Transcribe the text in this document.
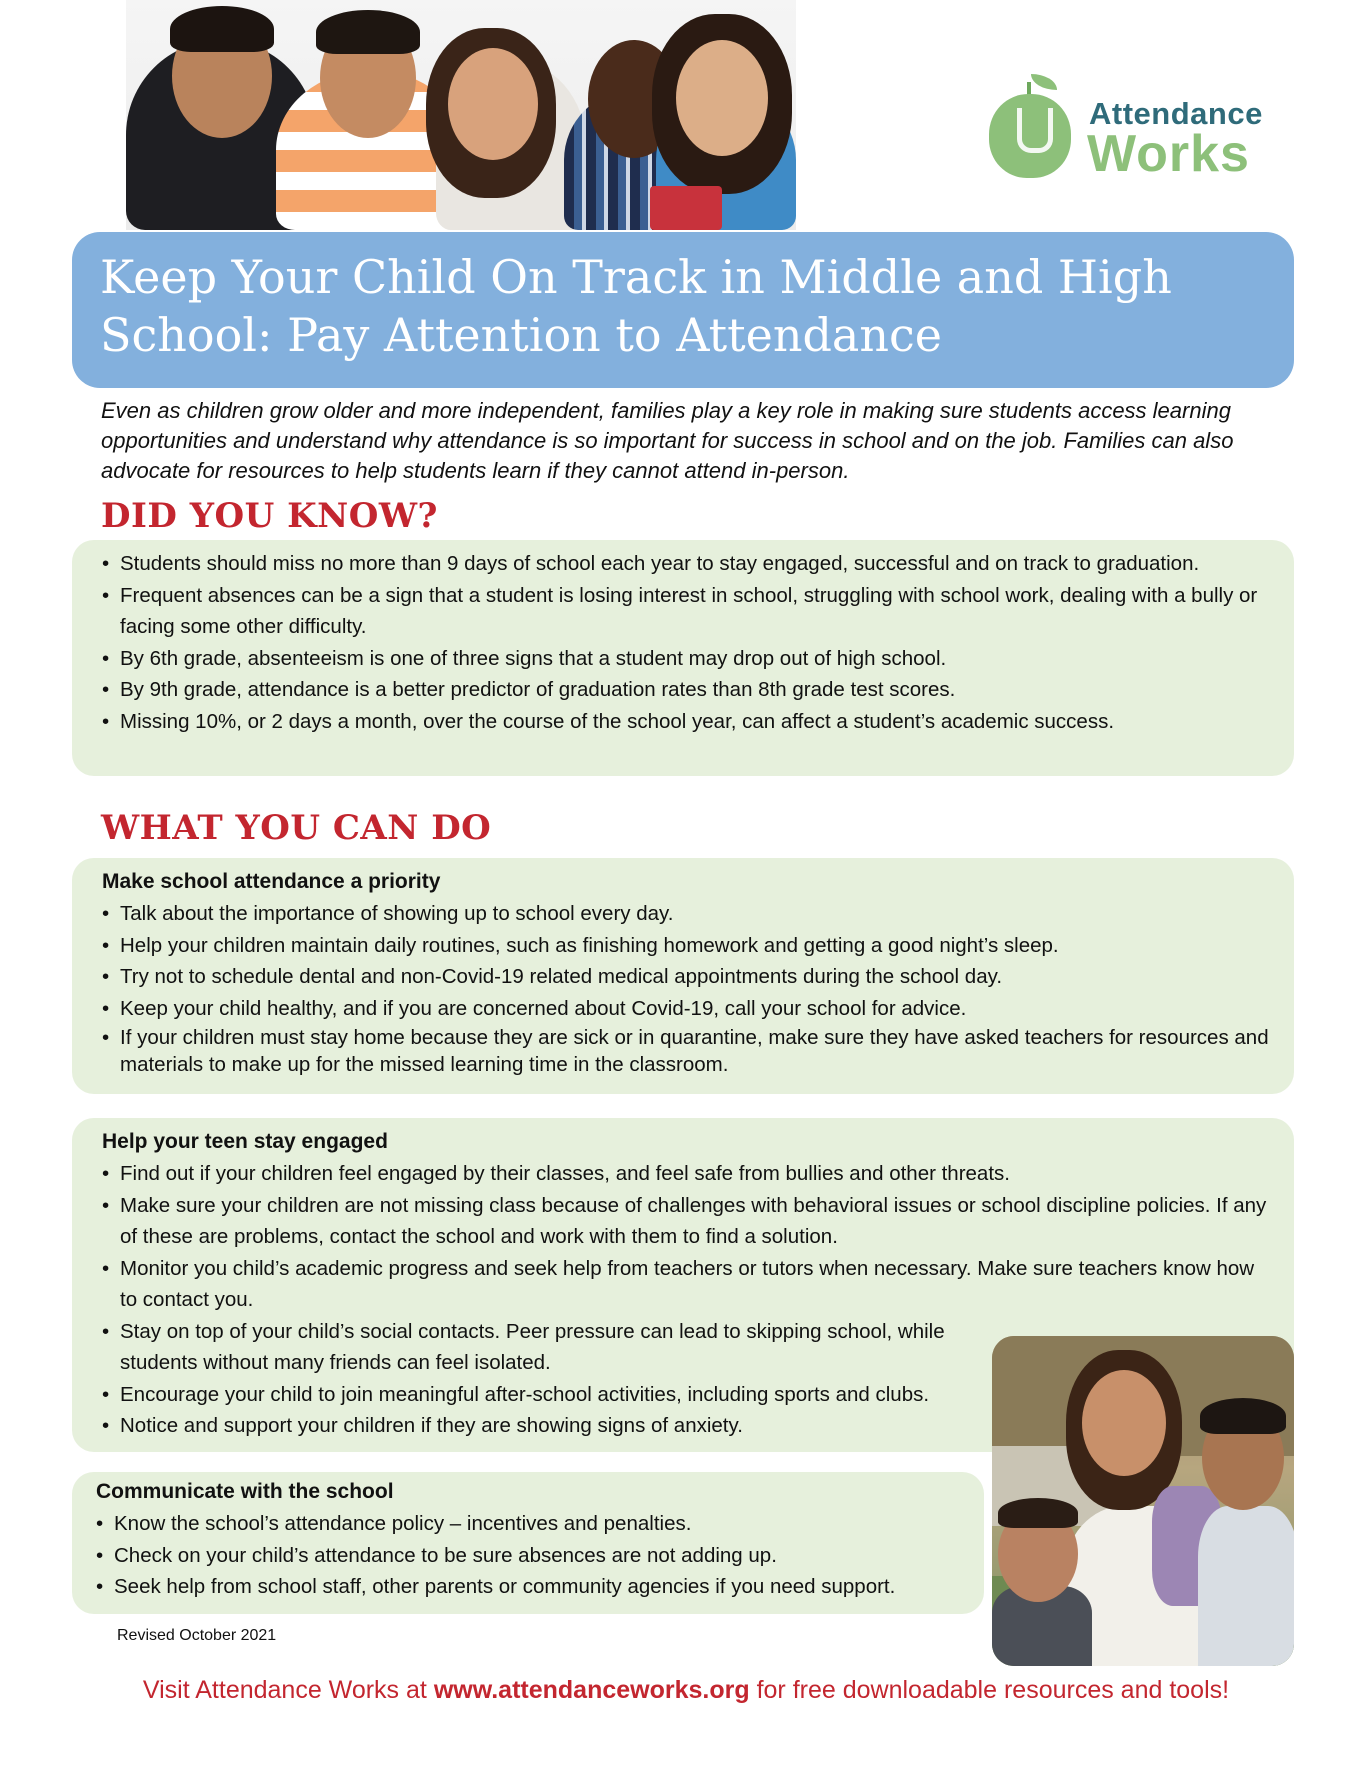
Attendance
Works
Keep Your Child On Track in Middle and High School: Pay Attention to Attendance
Even as children grow older and more independent, families play a key role in making sure students access learning opportunities and understand why attendance is so important for success in school and on the job. Families can also advocate for resources to help students learn if they cannot attend in-person.
DID YOU KNOW?
• Students should miss no more than 9 days of school each year to stay engaged, successful and on track to graduation.
• Frequent absences can be a sign that a student is losing interest in school, struggling with school work, dealing with a bully or facing some other difficulty.
• By 6th grade, absenteeism is one of three signs that a student may drop out of high school.
• By 9th grade, attendance is a better predictor of graduation rates than 8th grade test scores.
• Missing 10%, or 2 days a month, over the course of the school year, can affect a student’s academic success.
WHAT YOU CAN DO
Make school attendance a priority
• Talk about the importance of showing up to school every day.
• Help your children maintain daily routines, such as finishing homework and getting a good night’s sleep.
• Try not to schedule dental and non-Covid-19 related medical appointments during the school day.
• Keep your child healthy, and if you are concerned about Covid-19, call your school for advice.
• If your children must stay home because they are sick or in quarantine, make sure they have asked teachers for resources and materials to make up for the missed learning time in the classroom.
Help your teen stay engaged
• Find out if your children feel engaged by their classes, and feel safe from bullies and other threats.
• Make sure your children are not missing class because of challenges with behavioral issues or school discipline policies. If any of these are problems, contact the school and work with them to find a solution.
• Monitor you child’s academic progress and seek help from teachers or tutors when necessary. Make sure teachers know how to contact you.
• Stay on top of your child’s social contacts. Peer pressure can lead to skipping school, while students without many friends can feel isolated.
• Encourage your child to join meaningful after-school activities, including sports and clubs.
• Notice and support your children if they are showing signs of anxiety.
Communicate with the school
• Know the school’s attendance policy – incentives and penalties.
• Check on your child’s attendance to be sure absences are not adding up.
• Seek help from school staff, other parents or community agencies if you need support.
Revised October 2021
Visit Attendance Works at www.attendanceworks.org for free downloadable resources and tools!
